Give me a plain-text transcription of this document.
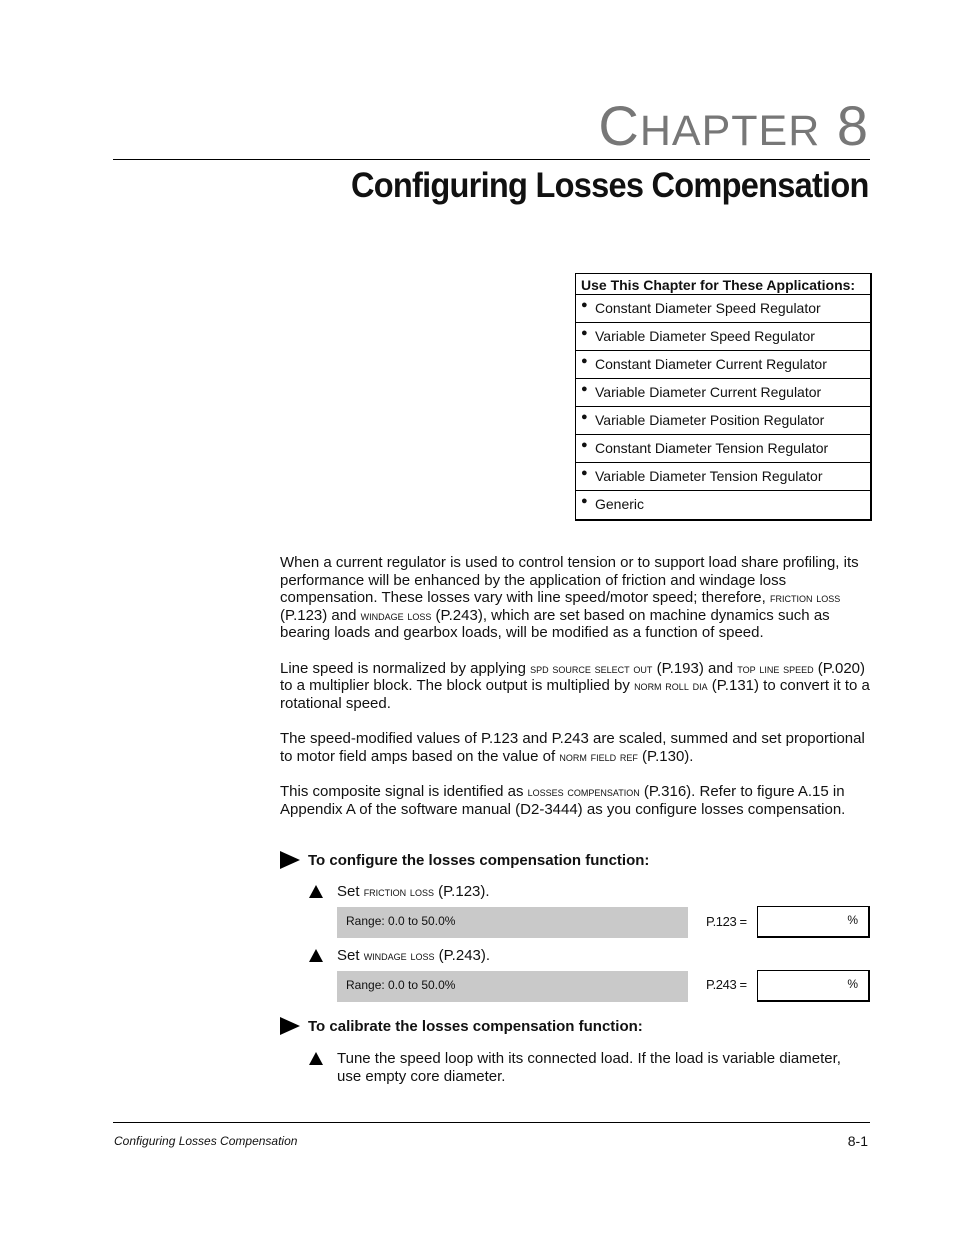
CHAPTER 8
Configuring Losses Compensation
Use This Chapter for These Applications:
● Constant Diameter Speed Regulator
● Variable Diameter Speed Regulator
● Constant Diameter Current Regulator
● Variable Diameter Current Regulator
● Variable Diameter Position Regulator
● Constant Diameter Tension Regulator
● Variable Diameter Tension Regulator
● Generic

When a current regulator is used to control tension or to support load share profiling, its performance will be enhanced by the application of friction and windage loss compensation. These losses vary with line speed/motor speed; therefore, friction loss (P.123) and windage loss (P.243), which are set based on machine dynamics such as bearing loads and gearbox loads, will be modified as a function of speed.

Line speed is normalized by applying spd source select out (P.193) and top line speed (P.020) to a multiplier block. The block output is multiplied by norm roll dia (P.131) to convert it to a rotational speed.

The speed-modified values of P.123 and P.243 are scaled, summed and set proportional to motor field amps based on the value of norm field ref (P.130).

This composite signal is identified as losses compensation (P.316). Refer to figure A.15 in Appendix A of the software manual (D2-3444) as you configure losses compensation.

To configure the losses compensation function:
Set friction loss (P.123).
Range: 0.0 to 50.0%	P.123 =	%
Set windage loss (P.243).
Range: 0.0 to 50.0%	P.243 =	%
To calibrate the losses compensation function:
Tune the speed loop with its connected load. If the load is variable diameter, use empty core diameter.
Configuring Losses Compensation	8-1
